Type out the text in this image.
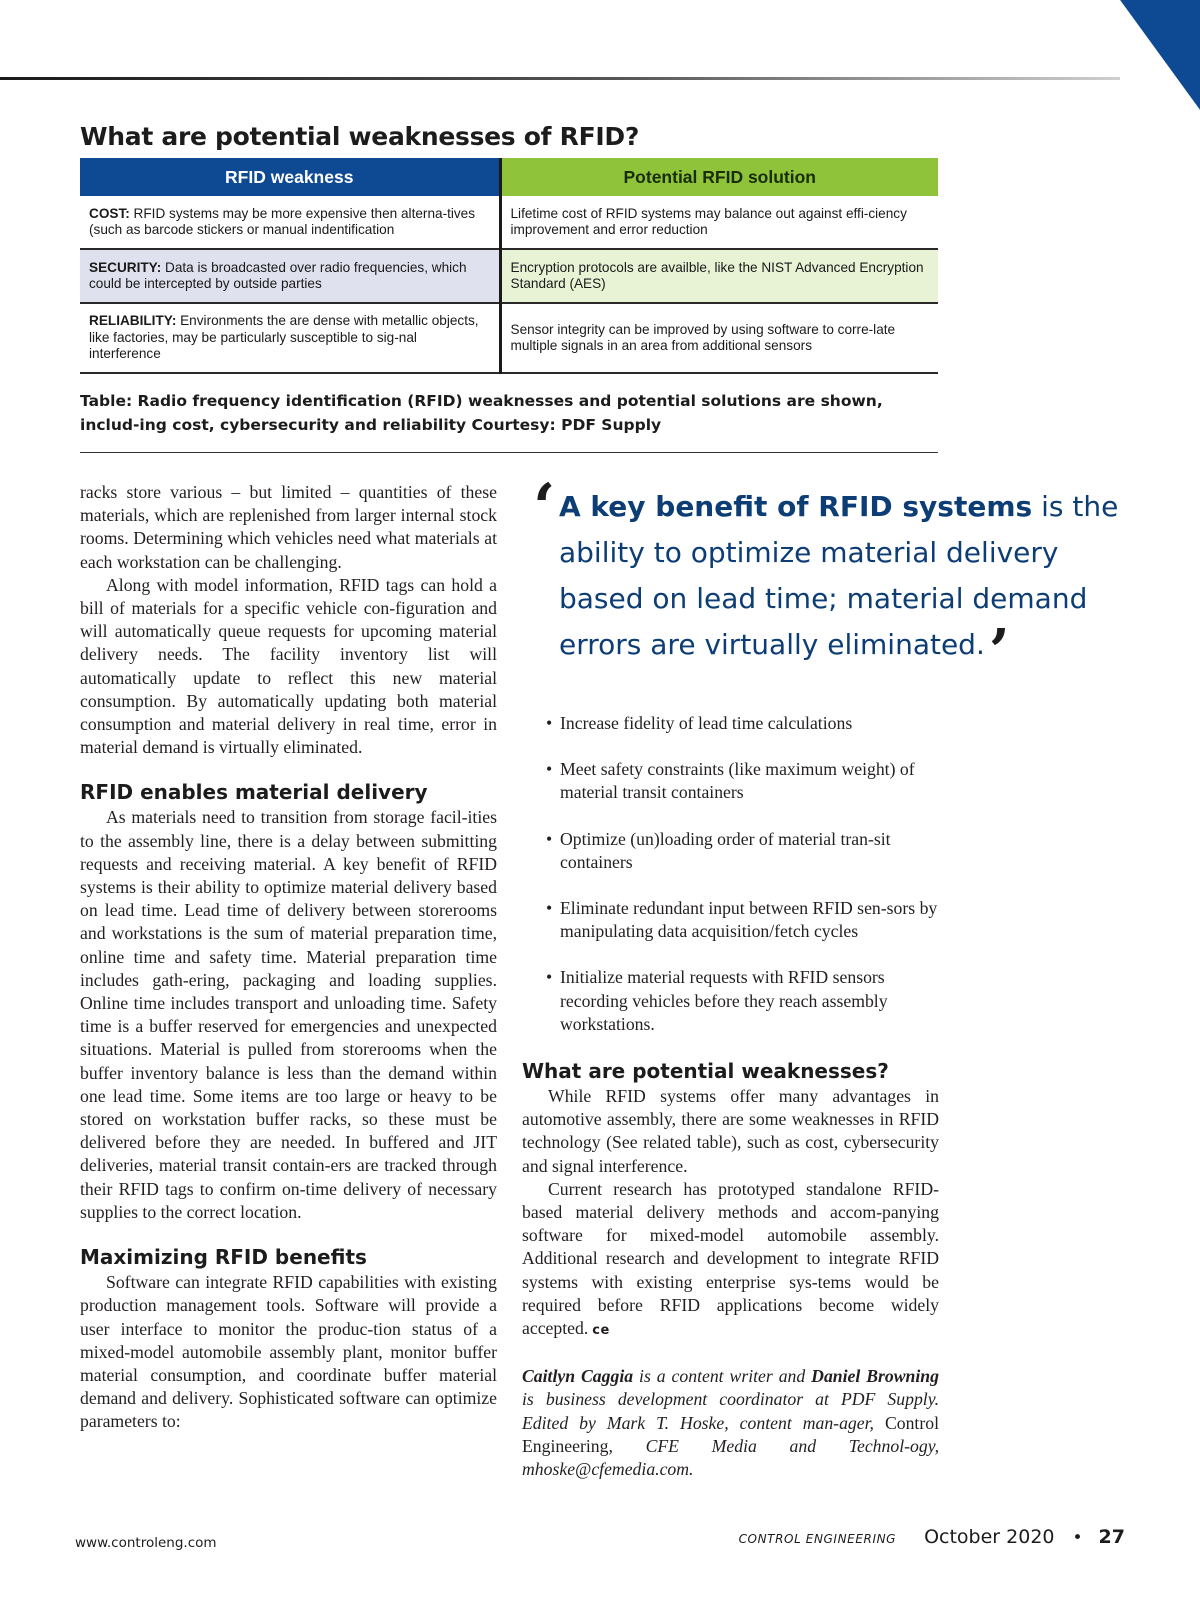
What are potential weaknesses of RFID?
RFID weakness	Potential RFID solution
COST: RFID systems may be more expensive then alterna-tives (such as barcode stickers or manual indentification	Lifetime cost of RFID systems may balance out against effi-ciency improvement and error reduction
SECURITY: Data is broadcasted over radio frequencies, which could be intercepted by outside parties	Encryption protocols are availble, like the NIST Advanced Encryption Standard (AES)
RELIABILITY: Environments the are dense with metallic objects, like factories, may be particularly susceptible to sig-nal interference	Sensor integrity can be improved by using software to corre-late multiple signals in an area from additional sensors

Table: Radio frequency identification (RFID) weaknesses and potential solutions are shown, includ-ing cost, cybersecurity and reliability Courtesy: PDF Supply

racks store various – but limited – quantities of these materials, which are replenished from larger internal stock rooms. Determining which vehicles need what materials at each workstation can be challenging.

Along with model information, RFID tags can hold a bill of materials for a specific vehicle con-figuration and will automatically queue requests for upcoming material delivery needs. The facility inventory list will automatically update to reflect this new material consumption. By automatically updating both material consumption and material delivery in real time, error in material demand is virtually eliminated.

RFID enables material delivery

As materials need to transition from storage facil-ities to the assembly line, there is a delay between submitting requests and receiving material. A key benefit of RFID systems is their ability to optimize material delivery based on lead time. Lead time of delivery between storerooms and workstations is the sum of material preparation time, online time and safety time. Material preparation time includes gath-ering, packaging and loading supplies. Online time includes transport and unloading time. Safety time is a buffer reserved for emergencies and unexpected situations. Material is pulled from storerooms when the buffer inventory balance is less than the demand within one lead time. Some items are too large or heavy to be stored on workstation buffer racks, so these must be delivered before they are needed. In buffered and JIT deliveries, material transit contain-ers are tracked through their RFID tags to confirm on-time delivery of necessary supplies to the correct location.

Maximizing RFID benefits

Software can integrate RFID capabilities with existing production management tools. Software will provide a user interface to monitor the produc-tion status of a mixed-model automobile assembly plant, monitor buffer material consumption, and coordinate buffer material demand and delivery. Sophisticated software can optimize parameters to:

‘ A key benefit of RFID systems is the ability to optimize material delivery based on lead time; material demand errors are virtually eliminated.’

• Increase fidelity of lead time calculations
• Meet safety constraints (like maximum weight) of material transit containers
• Optimize (un)loading order of material tran-sit containers
• Eliminate redundant input between RFID sen-sors by manipulating data acquisition/fetch cycles
• Initialize material requests with RFID sensors recording vehicles before they reach assembly workstations.
What are potential weaknesses?

While RFID systems offer many advantages in automotive assembly, there are some weaknesses in RFID technology (See related table), such as cost, cybersecurity and signal interference.

Current research has prototyped standalone RFID-based material delivery methods and accom-panying software for mixed-model automobile assembly. Additional research and development to integrate RFID systems with existing enterprise sys-tems would be required before RFID applications become widely accepted. ce

Caitlyn Caggia is a content writer and Daniel Browning is business development coordinator at PDF Supply. Edited by Mark T. Hoske, content man-ager, Control Engineering, CFE Media and Technol-ogy, mhoske@cfemedia.com.

www.controleng.com	CONTROL ENGINEERING October 2020 • 27
